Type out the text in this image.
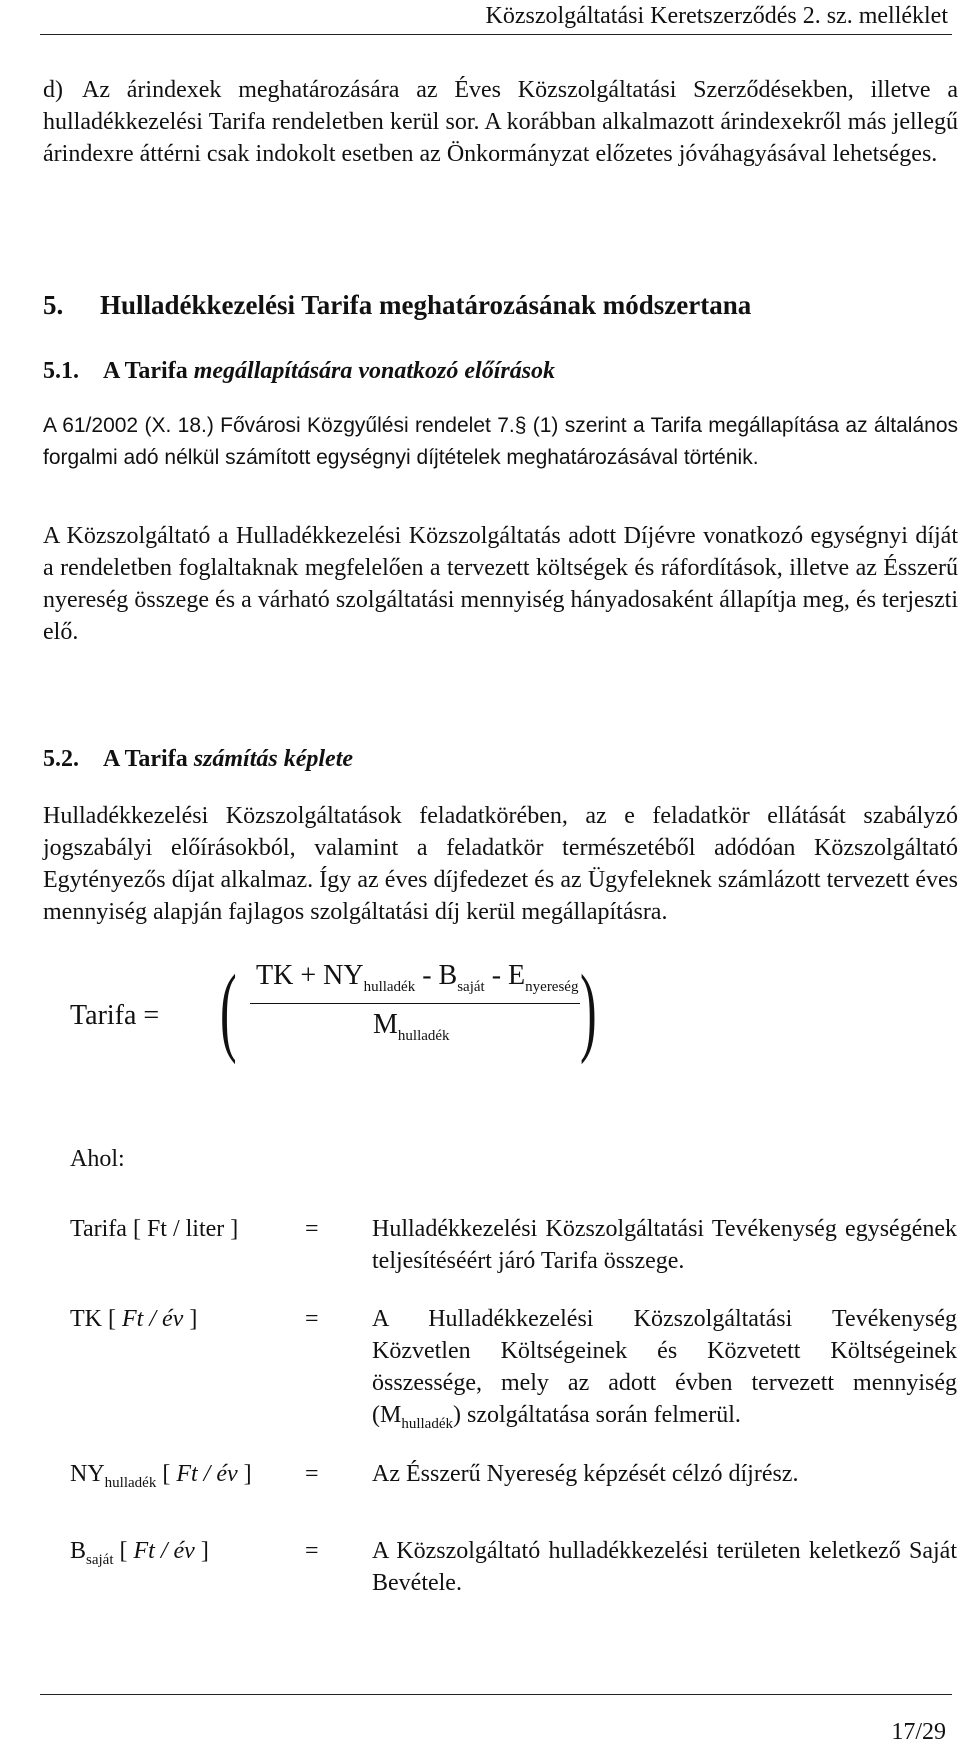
Közszolgáltatási Keretszerződés 2. sz. melléklet
d) Az árindexek meghatározására az Éves Közszolgáltatási Szerződésekben, illetve a hulladékkezelési Tarifa rendeletben kerül sor. A korábban alkalmazott árindexekről más jellegű árindexre áttérni csak indokolt esetben az Önkormányzat előzetes jóváhagyásával lehetséges.
5. Hulladékkezelési Tarifa meghatározásának módszertana
5.1. A Tarifa megállapítására vonatkozó előírások
A 61/2002 (X. 18.) Fővárosi Közgyűlési rendelet 7.§ (1) szerint a Tarifa megállapítása az általános forgalmi adó nélkül számított egységnyi díjtételek meghatározásával történik.
A Közszolgáltató a Hulladékkezelési Közszolgáltatás adott Díjévre vonatkozó egységnyi díját a rendeletben foglaltaknak megfelelően a tervezett költségek és ráfordítások, illetve az Ésszerű nyereség összege és a várható szolgáltatási mennyiség hányadosaként állapítja meg, és terjeszti elő.
5.2. A Tarifa számítás képlete
Hulladékkezelési Közszolgáltatások feladatkörében, az e feladatkör ellátását szabályzó jogszabályi előírásokból, valamint a feladatkör természetéből adódóan Közszolgáltató Egytényezős díjat alkalmaz. Így az éves díjfedezet és az Ügyfeleknek számlázott tervezett éves mennyiség alapján fajlagos szolgáltatási díj kerül megállapításra.
Tarifa = ( TK + $NY_{hulladék} - B_{saját} - E_{nyereség}$
$M_{hulladék}$ )
Ahol:
Tarifa [ Ft / liter ]	= Hulladékkezelési Közszolgáltatási Tevékenység egységének teljesítéséért járó Tarifa összege.
TK [ Ft / év ]	= A Hulladékkezelési Közszolgáltatási Tevékenység Közvetlen Költségeinek és Közvetett Költségeinek összessége, mely az adott évben tervezett mennyiség $(M_{hulladék})$ szolgáltatása során felmerül.
$NY_{hulladék}$ [ Ft / év ] = Az Ésszerű Nyereség képzését célzó díjrész.
$B_{saját}$ [ Ft / év ]	= A Közszolgáltató hulladékkezelési területen keletkező Saját Bevétele.
17/29
